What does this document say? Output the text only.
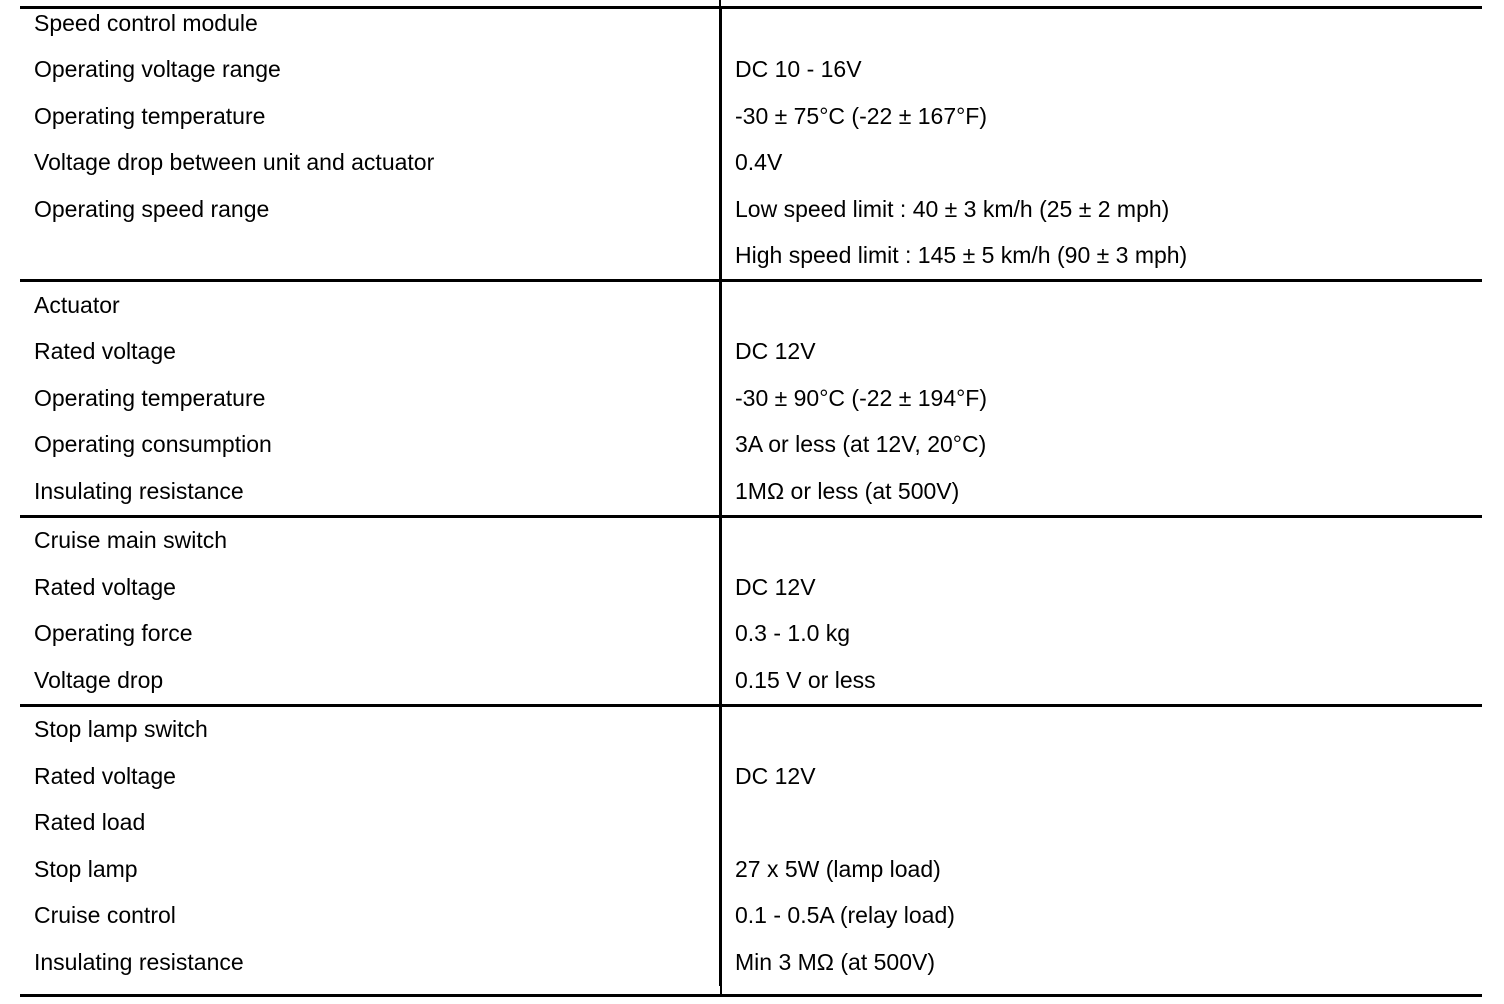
Speed control module	
Operating voltage range	DC 10 - 16V
Operating temperature	-30 ± 75°C (-22 ± 167°F)
Voltage drop between unit and actuator	0.4V
Operating speed range	Low speed limit : 40 ± 3 km/h (25 ± 2 mph)
	High speed limit : 145 ± 5 km/h (90 ± 3 mph)
Actuator	
Rated voltage	DC 12V
Operating temperature	-30 ± 90°C (-22 ± 194°F)
Operating consumption	3A or less (at 12V, 20°C)
Insulating resistance	1MΩ or less (at 500V)
Cruise main switch	
Rated voltage	DC 12V
Operating force	0.3 - 1.0 kg
Voltage drop	0.15 V or less
Stop lamp switch	
Rated voltage	DC 12V
Rated load	
Stop lamp	27 x 5W (lamp load)
Cruise control	0.1 - 0.5A (relay load)
Insulating resistance	Min 3 MΩ (at 500V)
